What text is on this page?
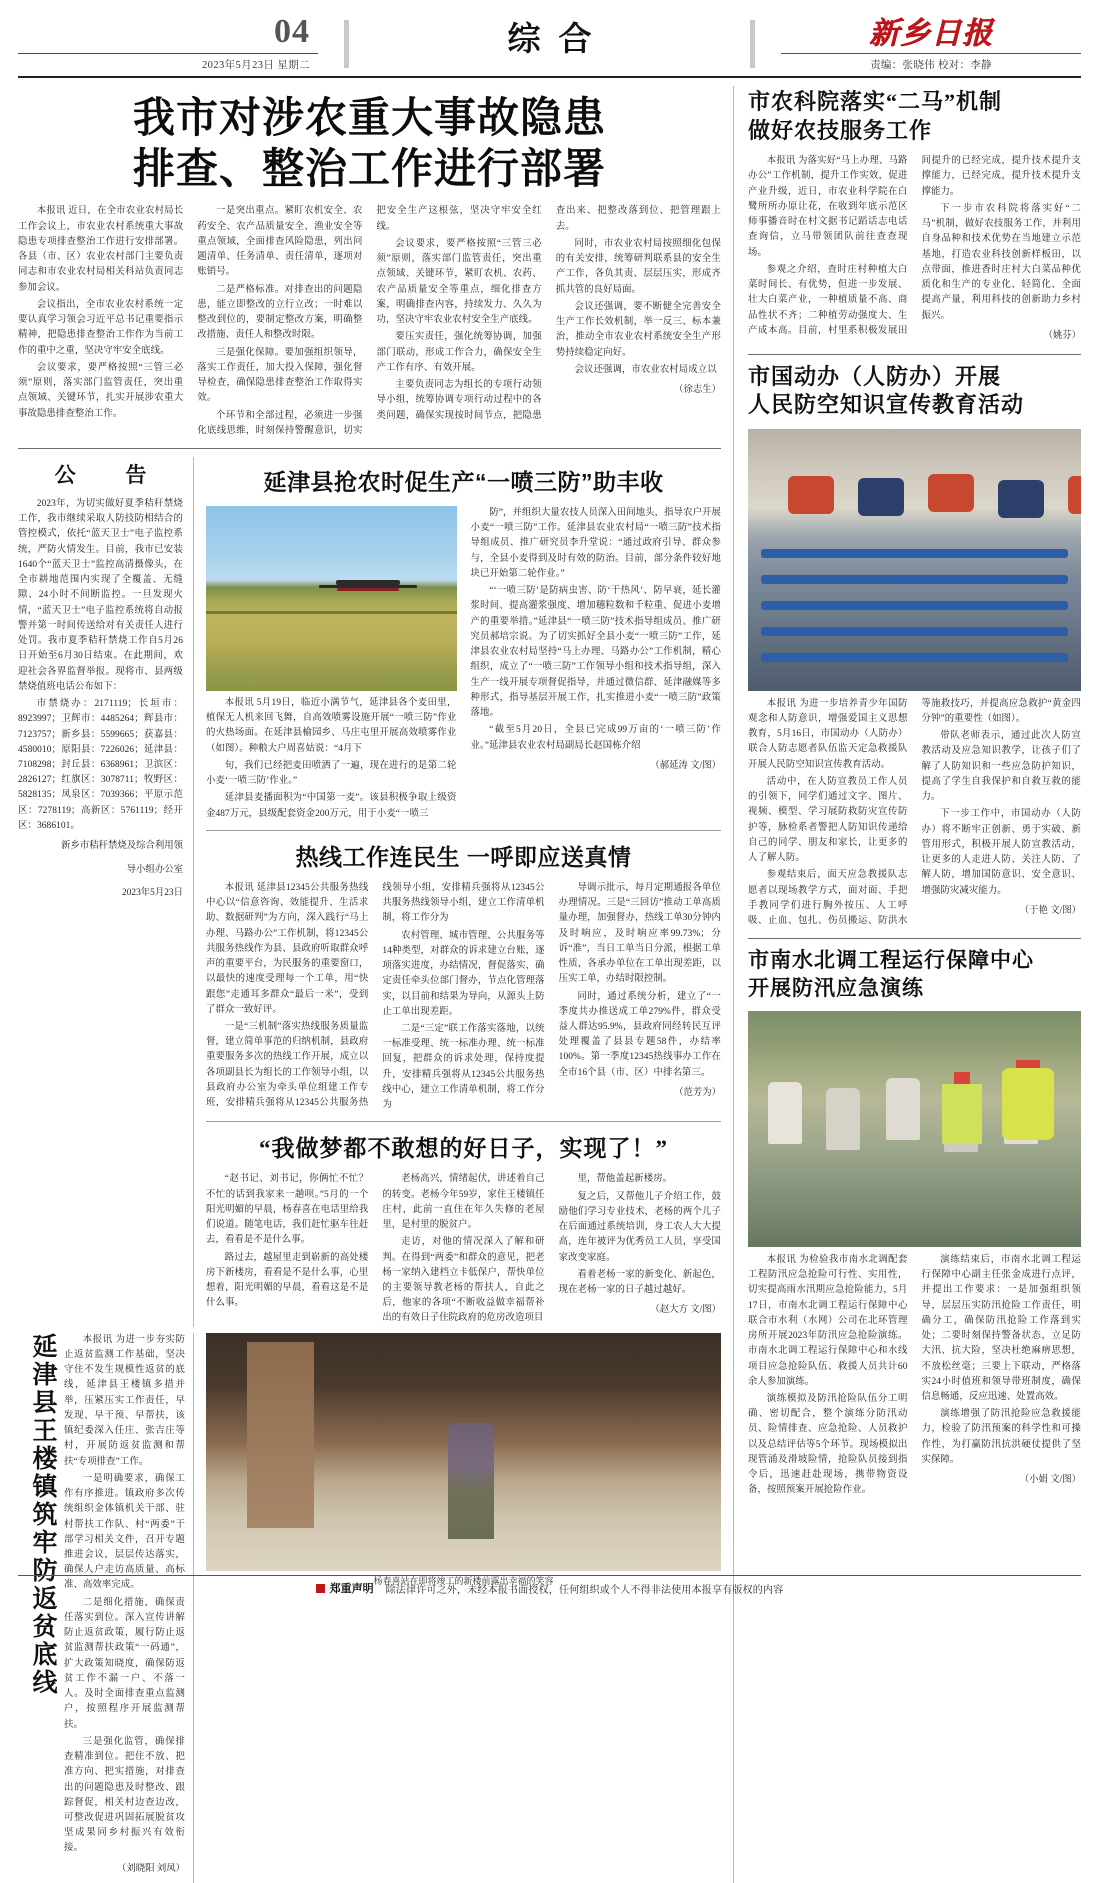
04
2023年5月23日 星期二
综合	新乡日报
责编：张晓伟 校对：李静
我市对涉农重大事故隐患
排查、整治工作进行部署

本报讯 近日，在全市农业农村局长工作会议上，市农业农村系统重大事故隐患专项排查整治工作进行安排部署。各县（市、区）农业农村部门主要负责同志和市农业农村局相关科站负责同志参加会议。

会议指出，全市农业农村系统一定要认真学习领会习近平总书记重要指示精神，把隐患排查整治工作作为当前工作的重中之重，坚决守牢安全底线。

会议要求，要严格按照“三管三必须”原则，落实部门监管责任，突出重点领域、关键环节，扎实开展涉农重大事故隐患排查整治工作。

一是突出重点。紧盯农机安全、农药安全、农产品质量安全、渔业安全等重点领域，全面排查风险隐患，列出问题清单、任务清单、责任清单，逐项对账销号。

二是严格标准。对排查出的问题隐患，能立即整改的立行立改；一时难以整改到位的，要制定整改方案，明确整改措施、责任人和整改时限。

三是强化保障。要加强组织领导，落实工作责任，加大投入保障，强化督导检查，确保隐患排查整治工作取得实效。

个环节和全部过程，必须进一步强化底线思维，时刻保持警醒意识，切实把安全生产这根弦，坚决守牢安全红线。

会议要求，要严格按照“三管三必须”原则，落实部门监管责任，突出重点领域、关键环节，紧盯农机、农药、农产品质量安全等重点，细化排查方案，明确排查内容，持续发力、久久为功，坚决守牢农业农村安全生产底线。

要压实责任，强化统筹协调，加强部门联动，形成工作合力，确保安全生产工作有序、有效开展。

主要负责同志为组长的专项行动领导小组，统筹协调专项行动过程中的各类问题，确保实现按时间节点，把隐患查出来、把整改落到位、把管理跟上去。

同时，市农业农村局按照细化包保的有关安排，统筹研判联系县的安全生产工作，各负其责、层层压实，形成齐抓共管的良好局面。

会议还强调，要不断健全完善安全生产工作长效机制，举一反三、标本兼治，推动全市农业农村系统安全生产形势持续稳定向好。

会议还强调，市农业农村局成立以

（徐志生）

公 告

2023年，为切实做好夏季秸秆禁烧工作，我市继续采取人防技防相结合的管控模式，依托“蓝天卫士”电子监控系统，严防火情发生。目前，我市已安装1640个“蓝天卫士”监控高清摄像头，在全市耕地范围内实现了全覆盖、无缝隙、24小时不间断监控。一旦发现火情，“蓝天卫士”电子监控系统将自动报警并第一时间传送给对有关责任人进行处罚。我市夏季秸秆禁烧工作自5月26日开始至6月30日结束。在此期间，欢迎社会各界监督举报。现将市、县两级禁烧值班电话公布如下：

市禁烧办：2171119；长垣市：8923997；卫辉市：4485264；辉县市：7123757；新乡县：5599665；获嘉县：4580010；原阳县：7226026；延津县：7108298；封丘县：6368961；卫滨区：2826127；红旗区：3078711；牧野区：5828135；凤泉区：7039366；平原示范区：7278119；高新区：5761119；经开区：3686101。

新乡市秸秆禁烧及综合利用领

导小组办公室

2023年5月23日

延津县抢农时促生产“一喷三防”助丰收

本报讯 5月19日，临近小满节气，延津县各个麦田里，植保无人机来回飞舞，自高效喷雾设施开展“一喷三防”作业的火热场面。在延津县榆园乡、马庄屯里开展高效喷雾作业（如图）。种粮大户周喜姑说：“4月下

旬，我们已经把麦田喷洒了一遍，现在进行的是第二轮小麦‘一喷三防’作业。”

延津县麦播面积为“中国第一麦”。该县积极争取上级资金487万元，县级配套资金200万元，用于小麦“一喷三

防”，并组织大量农技人员深入田间地头，指导农户开展小麦“一喷三防”工作。延津县农业农村局“一喷三防”技术指导组成员、推广研究员李升堂说：“通过政府引导、群众参与，全县小麦得到及时有效的防治。目前，部分条件较好地块已开始第二轮作业。”

“‘一喷三防’是防病虫害、防‘干热风’、防早衰，延长灌浆时间、提高灌浆强度、增加穗粒数和千粒重、促进小麦增产的重要举措。”延津县“一喷三防”技术指导组成员、推广研究员郝培宗说。为了切实抓好全县小麦“一喷三防”工作，延津县农业农村局坚持“马上办理、马路办公”工作机制，精心组织，成立了“一喷三防”工作领导小组和技术指导组，深入生产一线开展专项督促指导，并通过微信群、延津融媒等多种形式，指导基层开展工作，扎实推进小麦“一喷三防”政策落地。

“截至5月20日，全县已完成99万亩的‘一喷三防’作业。”延津县农业农村局副局长赵国栋介绍

（郝延涛 文/图）

热线工作连民生 一呼即应送真情

本报讯 延津县12345公共服务热线中心以“信意咨询、效能提升、生活求助、数据研判”为方向，深入践行“马上办理、马路办公”工作机制，将12345公共服务热线作为县、县政府听取群众呼声的重要平台，为民服务的重要窗口，以最快的速度受理每一个工单，用“快跟您”走通耳多群众“最后一米”，受到了群众一致好评。

一是“三机制”落实热线服务质量监督，建立简单事范的归纳机制，县政府重要服务多次的热线工作开展，成立以各项副县长为组长的工作领导小组，以县政府办公室为牵头单位组建工作专班，安排精兵强将从12345公共服务热线领导小组，安排精兵强将从12345公共服务热线领导小组，建立工作清单机制，将工作分为

农村管理、城市管理、公共服务等14种类型，对群众的诉求建立台账，逐项落实进度，办结情况，督促落实，确定责任牵头位部门督办，节点化管理落实，以目前和结果为导向，从源头上防止工单出现差距。

二是“三定”联工作落实落地，以统一标准受理、统一标准办理、统一标准回复，把群众的诉求处理，保持度提升，安排精兵强将从12345公共服务热线中心，建立工作清单机制，将工作分为

导调示批示，每月定期通报各单位办理情况。三是“三回访”推动工单高质量办理，加强督办，热线工单30分钟内及时响应，及时响应率99.73%；分诉“准”，当日工单当日分派，根据工单性质，各承办单位在工单出现差距，以压实工单，办结时限控制。

同时，通过系统分析，建立了“一季度共办推送成工单279%件，群众受益人群达95.9%，县政府同经转民互评处理覆盖了县县专题58件，办结率100%。第一季度12345热线事办工作在全市16个县（市、区）中排名第三。

（范芳为）

“我做梦都不敢想的好日子，实现了！”

“赵书记、刘书记，你俩忙不忙？不忙的话到我家来一趟呗。”5月的一个阳光明媚的早晨，杨春喜在电话里给我们说道。随笔电话，我们赶忙驱车往赶去，看看是不是什么事。

路过去，越屋里走到崭新的高处楼房下新楼房，看看是不是什么事，心里想着，阳光明媚的早晨，看看这是不是什么事。

老杨高兴，情绪起伏，讲述着自己的转变。老杨今年59岁，家住王楼镇任庄村，此前一直住在年久失修的老屋里，是村里的脱贫户。

走访，对他的情况深入了解和研判。在得到“两委”和群众的意见，把老杨一家纳入建档立卡低保户，帮快单位的主要领导教老杨的帮扶人，自此之后，他家的各项“不断收益做幸福帮补出的有效日子住院政府的危房改造项目

里，帮他盖起新楼房。

复之后，又帮他儿子介绍工作，鼓励他们学习专业技术，老杨的两个儿子在后面通过系统培训，身工农人大大提高，连年被评为优秀员工人员，享受国家改变家庭。

看着老杨一家的新变化、新起色，现在老杨一家的日子越过越好。

（赵大方 文/图）

延津县王楼镇筑牢防返贫底线	本报讯 为进一步夯实防止返贫监测工作基础，坚决守住不发生规模性返贫的底线，延津县王楼镇多措并举，压紧压实工作责任，早发现、早干预、早帮扶，该镇纪委深入任庄、张吉庄等村，开展防返贫监测和帮扶“专项排查”工作。

一是明确要求，确保工作有序推进。镇政府多次传统组织金体镇机关干部、驻村帮扶工作队、村“两委”干部学习相关文件，召开专题推进会议，层层传达落实，确保人户走访高质量、高标准、高效率完成。

二是细化措施，确保责任落实到位。深入宣传讲解防止返贫政策，履行防止返贫监测帮扶政策“一码通”，扩大政策知晓度，确保防返贫工作不漏一户、不落一人。及时全面排查重点监测户，按照程序开展监测帮扶。

三是强化监管，确保排查精准到位。把住不放、把准方向、把实措施，对排查出的问题隐患及时整改、跟踪督促，相关村边查边改，可整改促进巩固拓展脱贫攻坚成果同乡村振兴有效衔接。

（刘晓阳 刘凤）

杨春喜站在即将竣工的新楼前露出幸福的笑容
市农科院落实“二马”机制
做好农技服务工作

本报讯 为落实好“马上办理、马路办公”工作机制，提升工作实效，促进产业升级，近日，市农业科学院在白鹭所所办原让花，在收到年底示范区师事播音时在村文据书记蹈话志电话查询信，立马带领团队前往查查现场。

参观之介绍，查时庄村种植大白菜时间长、有优势，但进一步发展、壮大白菜产业，一种植质量不高、商品性状不齐；二种植劳动强度大、生产成本高。目前，村里系积极发展田间提升的已经完成，提升技术提升支撑能力，已经完成，提升技术提升支撑能力。

下一步市农科院将落实好“二马”机制，做好农技服务工作，并利用自身品种和技术优势在当地建立示范基地，打造农业科技创新样板田，以点带面，推进香时庄村大白菜品种优质化和生产的专业化、轻简化、全面提高产量，利用科技的创新助力乡村振兴。

（姚芬）

市国动办（人防办）开展
人民防空知识宣传教育活动

本报讯 为进一步培养青少年国防观念和人防意识，增强爱国主义思想教育，5月16日，市国动办（人防办）联合人防志愿者队伍监天定急救援队开展人民防空知识宣传教育活动。

活动中，在人防宣教员工作人员的引领下，同学们通过文字、图片、视频、模型、学习展防救防灾宣传防护等，脉检系者警把人防知识传递给自己的同学、朋友和家长，让更多的人了解人防。

参观结束后，面天应急教援队志愿者以现场教学方式，面对面、手把手教同学们进行胸外按压、人工呼吸、止血、包扎、伤员搬运、防洪水等施救技巧，并提高应急救护“黄金四分钟”的重要性（如图）。

带队老师表示，通过此次人防宣教活动及应急知识教学，让孩子们了解了人防知识和一些应急防护知识，提高了学生自我保护和自救互救的能力。

下一步工作中，市国动办（人防办）将不断牢正创新、勇于实破、新管用形式，积极开展人防宣教活动，让更多的人走进人防、关注人防、了解人防，增加国防意识、安全意识、增强防灾减灾能力。

（于艳 文/图）

市南水北调工程运行保障中心
开展防汛应急演练

本报讯 为检验我市南水北调配套工程防汛应急抢险可行性、实用性，切实提高雨水汛期应急抢险能力，5月17日，市南水北调工程运行保障中心联合市水利（水网）公司在北环管理房所开展2023年防汛应急抢险演练。市南水北调工程运行保障中心和水线项目应急抢险队伍、救援人员共计60余人参加演练。

演练模拟及防汛抢险队伍分工明确、密切配合，整个演练分防汛动员、险情排查、应急抢险、人员救护以及总结评估等5个环节。现场模拟出现管涌及滑坡险情，抢险队员接到指令后，迅速赶赴现场，携带物资设备，按照预案开展抢险作业。

演练结束后，市南水北调工程运行保障中心副主任张金成进行点评，并提出工作要求：一是加强组织领导，层层压实防汛抢险工作责任，明确分工，确保防汛抢险工作落到实处；二要时刻保持警备状态，立足防大汛、抗大险，坚决杜绝麻痹思想，不放松丝毫；三要上下联动，严格落实24小时值班和领导带班制度，确保信息畅通，反应迅速、处置高效。

演练增强了防汛抢险应急救援能力，检验了防汛预案的科学性和可操作性，为打赢防汛抗洪硬仗提供了坚实保障。

（小娟 文/图）

郑重声明 除法律许可之外，未经本报书面授权，任何组织或个人不得非法使用本报享有版权的内容
